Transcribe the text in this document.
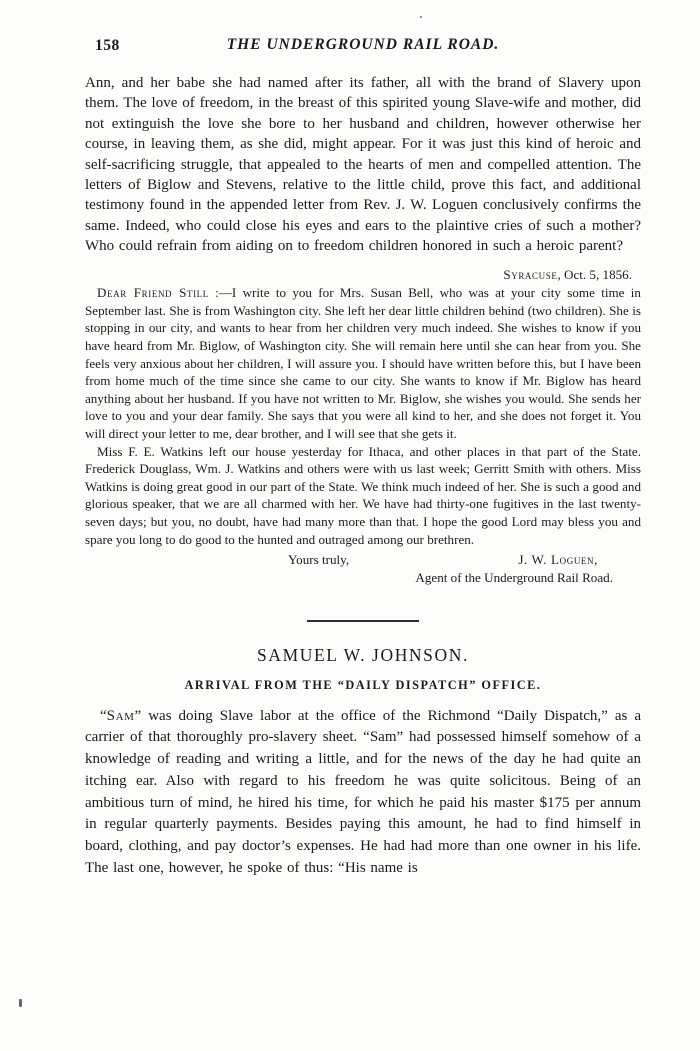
158	THE UNDERGROUND RAIL ROAD.

Ann, and her babe she had named after its father, all with the brand of Slavery upon them. The love of freedom, in the breast of this spirited young Slave-wife and mother, did not extinguish the love she bore to her husband and children, however otherwise her course, in leaving them, as she did, might appear. For it was just this kind of heroic and self-sacrificing struggle, that appealed to the hearts of men and compelled attention. The letters of Biglow and Stevens, relative to the little child, prove this fact, and additional testimony found in the appended letter from Rev. J. W. Loguen conclusively confirms the same. Indeed, who could close his eyes and ears to the plaintive cries of such a mother? Who could refrain from aiding on to freedom children honored in such a heroic parent?

Syracuse, Oct. 5, 1856.

Dear Friend Still :—I write to you for Mrs. Susan Bell, who was at your city some time in September last. She is from Washington city. She left her dear little children behind (two children). She is stopping in our city, and wants to hear from her children very much indeed. She wishes to know if you have heard from Mr. Biglow, of Washington city. She will remain here until she can hear from you. She feels very anxious about her children, I will assure you. I should have written before this, but I have been from home much of the time since she came to our city. She wants to know if Mr. Biglow has heard anything about her husband. If you have not written to Mr. Biglow, she wishes you would. She sends her love to you and your dear family. She says that you were all kind to her, and she does not forget it. You will direct your letter to me, dear brother, and I will see that she gets it.

Miss F. E. Watkins left our house yesterday for Ithaca, and other places in that part of the State. Frederick Douglass, Wm. J. Watkins and others were with us last week; Gerritt Smith with others. Miss Watkins is doing great good in our part of the State. We think much indeed of her. She is such a good and glorious speaker, that we are all charmed with her. We have had thirty-one fugitives in the last twenty-seven days; but you, no doubt, have had many more than that. I hope the good Lord may bless you and spare you long to do good to the hunted and outraged among our brethren.

Yours truly,	J. W. Loguen,
Agent of the Underground Rail Road.
SAMUEL W. JOHNSON.
ARRIVAL FROM THE “DAILY DISPATCH” OFFICE.

“Sam” was doing Slave labor at the office of the Richmond “Daily Dispatch,” as a carrier of that thoroughly pro-slavery sheet. “Sam” had possessed himself somehow of a knowledge of reading and writing a little, and for the news of the day he had quite an itching ear. Also with regard to his freedom he was quite solicitous. Being of an ambitious turn of mind, he hired his time, for which he paid his master $175 per annum in regular quarterly payments. Besides paying this amount, he had to find himself in board, clothing, and pay doctor’s expenses. He had had more than one owner in his life. The last one, however, he spoke of thus: “His name is
